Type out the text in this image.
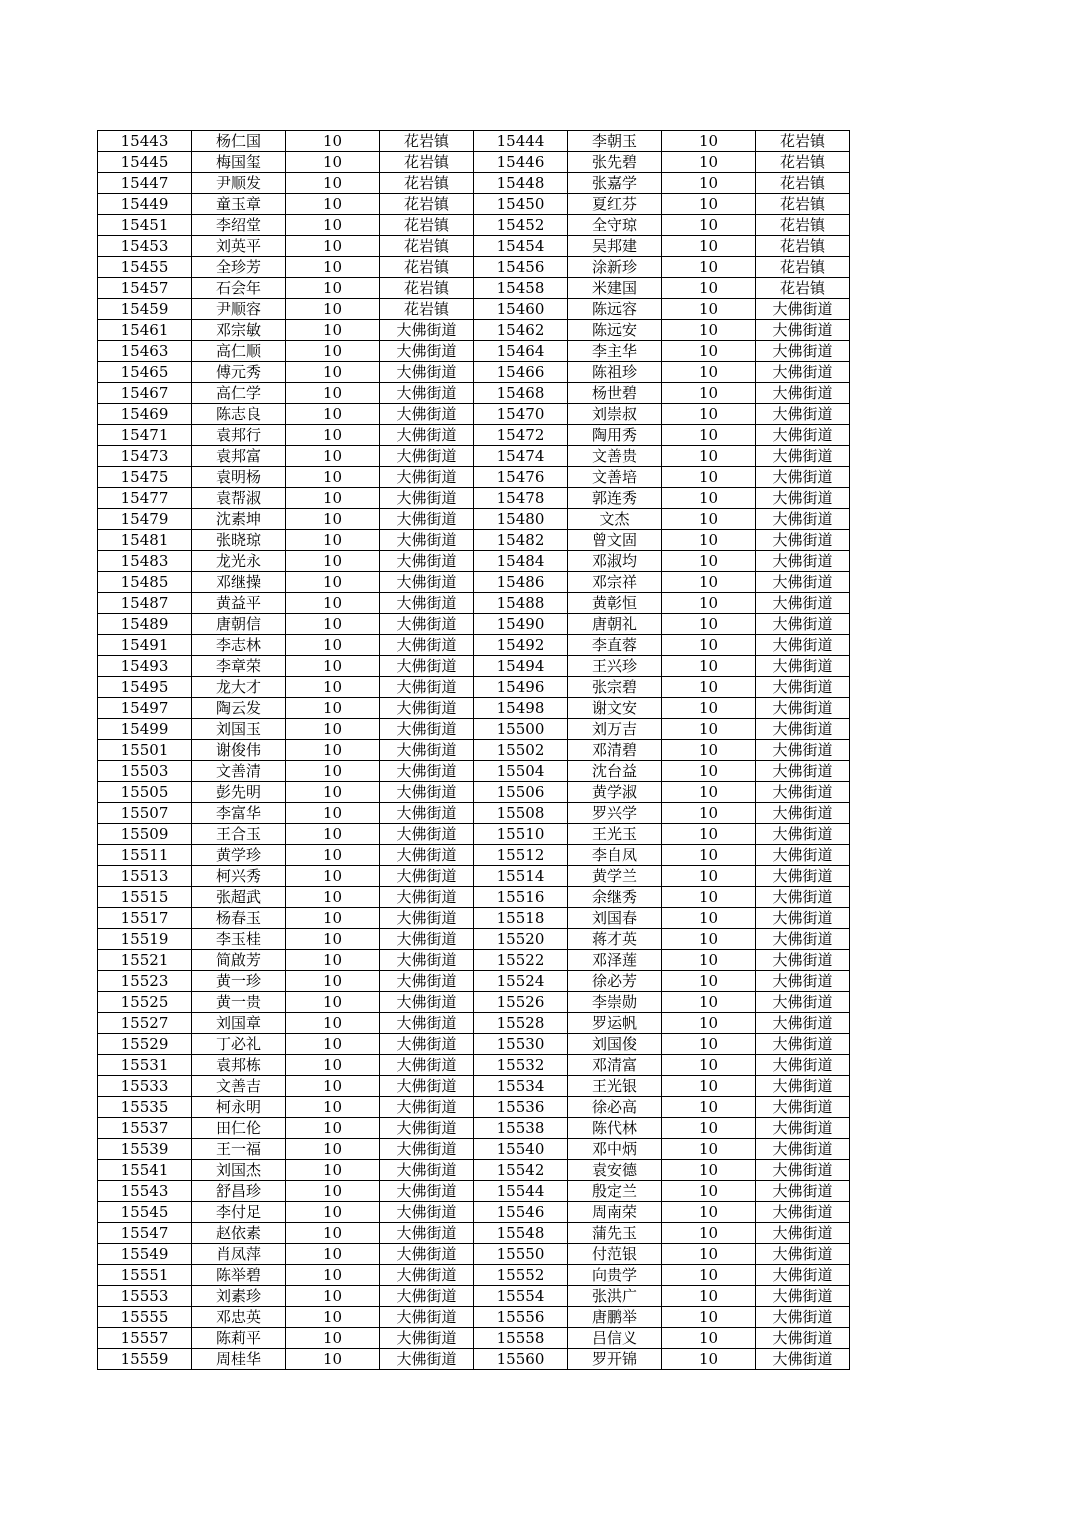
15443	杨仁国	10	花岩镇	15444	李朝玉	10	花岩镇
15445	梅国玺	10	花岩镇	15446	张先碧	10	花岩镇
15447	尹顺发	10	花岩镇	15448	张嘉学	10	花岩镇
15449	童玉章	10	花岩镇	15450	夏红芬	10	花岩镇
15451	李绍堂	10	花岩镇	15452	全守琼	10	花岩镇
15453	刘英平	10	花岩镇	15454	吴邦建	10	花岩镇
15455	全珍芳	10	花岩镇	15456	涂新珍	10	花岩镇
15457	石会年	10	花岩镇	15458	米建国	10	花岩镇
15459	尹顺容	10	花岩镇	15460	陈远容	10	大佛街道
15461	邓宗敏	10	大佛街道	15462	陈远安	10	大佛街道
15463	高仁顺	10	大佛街道	15464	李主华	10	大佛街道
15465	傅元秀	10	大佛街道	15466	陈祖珍	10	大佛街道
15467	高仁学	10	大佛街道	15468	杨世碧	10	大佛街道
15469	陈志良	10	大佛街道	15470	刘崇叔	10	大佛街道
15471	袁邦行	10	大佛街道	15472	陶用秀	10	大佛街道
15473	袁邦富	10	大佛街道	15474	文善贵	10	大佛街道
15475	袁明杨	10	大佛街道	15476	文善培	10	大佛街道
15477	袁帮淑	10	大佛街道	15478	郭连秀	10	大佛街道
15479	沈素坤	10	大佛街道	15480	文杰	10	大佛街道
15481	张晓琼	10	大佛街道	15482	曾文固	10	大佛街道
15483	龙光永	10	大佛街道	15484	邓淑均	10	大佛街道
15485	邓继操	10	大佛街道	15486	邓宗祥	10	大佛街道
15487	黄益平	10	大佛街道	15488	黄彰恒	10	大佛街道
15489	唐朝信	10	大佛街道	15490	唐朝礼	10	大佛街道
15491	李志林	10	大佛街道	15492	李直蓉	10	大佛街道
15493	李章荣	10	大佛街道	15494	王兴珍	10	大佛街道
15495	龙大才	10	大佛街道	15496	张宗碧	10	大佛街道
15497	陶云发	10	大佛街道	15498	谢文安	10	大佛街道
15499	刘国玉	10	大佛街道	15500	刘万吉	10	大佛街道
15501	谢俊伟	10	大佛街道	15502	邓清碧	10	大佛街道
15503	文善清	10	大佛街道	15504	沈台益	10	大佛街道
15505	彭先明	10	大佛街道	15506	黄学淑	10	大佛街道
15507	李富华	10	大佛街道	15508	罗兴学	10	大佛街道
15509	王合玉	10	大佛街道	15510	王光玉	10	大佛街道
15511	黄学珍	10	大佛街道	15512	李自凤	10	大佛街道
15513	柯兴秀	10	大佛街道	15514	黄学兰	10	大佛街道
15515	张超武	10	大佛街道	15516	余继秀	10	大佛街道
15517	杨春玉	10	大佛街道	15518	刘国春	10	大佛街道
15519	李玉桂	10	大佛街道	15520	蒋才英	10	大佛街道
15521	简啟芳	10	大佛街道	15522	邓泽莲	10	大佛街道
15523	黄一珍	10	大佛街道	15524	徐必芳	10	大佛街道
15525	黄一贵	10	大佛街道	15526	李崇勋	10	大佛街道
15527	刘国章	10	大佛街道	15528	罗运帆	10	大佛街道
15529	丁必礼	10	大佛街道	15530	刘国俊	10	大佛街道
15531	袁邦栋	10	大佛街道	15532	邓清富	10	大佛街道
15533	文善吉	10	大佛街道	15534	王光银	10	大佛街道
15535	柯永明	10	大佛街道	15536	徐必高	10	大佛街道
15537	田仁伦	10	大佛街道	15538	陈代林	10	大佛街道
15539	王一福	10	大佛街道	15540	邓中炳	10	大佛街道
15541	刘国杰	10	大佛街道	15542	袁安德	10	大佛街道
15543	舒昌珍	10	大佛街道	15544	殷定兰	10	大佛街道
15545	李付足	10	大佛街道	15546	周南荣	10	大佛街道
15547	赵依素	10	大佛街道	15548	蒲先玉	10	大佛街道
15549	肖凤萍	10	大佛街道	15550	付范银	10	大佛街道
15551	陈举碧	10	大佛街道	15552	向贵学	10	大佛街道
15553	刘素珍	10	大佛街道	15554	张洪广	10	大佛街道
15555	邓忠英	10	大佛街道	15556	唐鹏举	10	大佛街道
15557	陈莉平	10	大佛街道	15558	吕信义	10	大佛街道
15559	周桂华	10	大佛街道	15560	罗开锦	10	大佛街道
